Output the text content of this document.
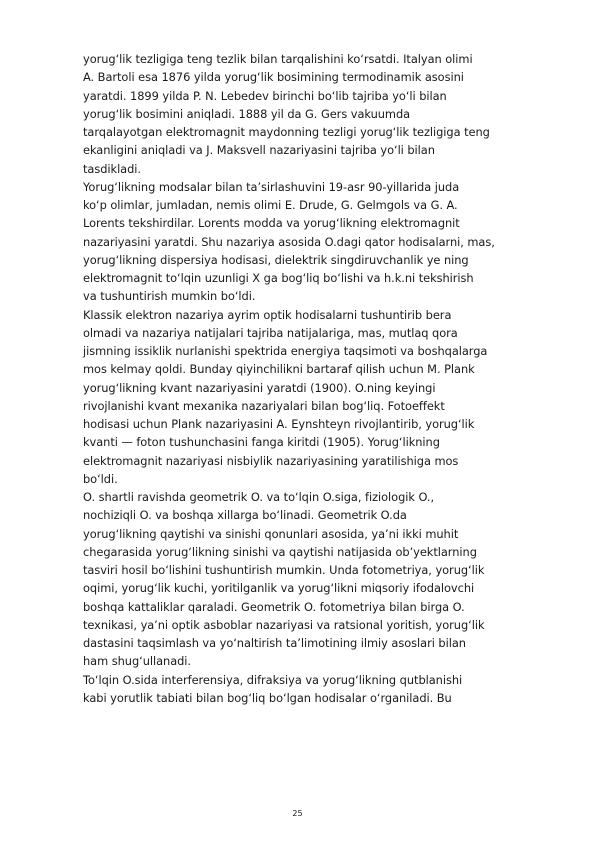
yorug‘lik tezligiga teng tezlik bilan tarqalishini ko‘rsatdi. Italyan olimi
A. Bartoli esa 1876 yilda yorug‘lik bosimining termodinamik asosini
yaratdi. 1899 yilda P. N. Lebedev birinchi bo‘lib tajriba yo‘li bilan
yorug‘lik bosimini aniqladi. 1888 yil da G. Gers vakuumda
tarqalayotgan elektromagnit maydonning tezligi yorug‘lik tezligiga teng
ekanligini aniqladi va J. Maksvell nazariyasini tajriba yo‘li bilan
tasdikladi.
Yorug‘likning modsalar bilan ta’sirlashuvini 19-asr 90-yillarida juda
ko‘p olimlar, jumladan, nemis olimi E. Drude, G. Gelmgols va G. A.
Lorents tekshirdilar. Lorents modda va yorug‘likning elektromagnit
nazariyasini yaratdi. Shu nazariya asosida O.dagi qator hodisalarni, mas,
yorug‘likning dispersiya hodisasi, dielektrik singdiruvchanlik ye ning
elektromagnit to‘lqin uzunligi X ga bog‘liq bo‘lishi va h.k.ni tekshirish
va tushuntirish mumkin bo‘ldi.
Klassik elektron nazariya ayrim optik hodisalarni tushuntirib bera
olmadi va nazariya natijalari tajriba natijalariga, mas, mutlaq qora
jismning issiklik nurlanishi spektrida energiya taqsimoti va boshqalarga
mos kelmay qoldi. Bunday qiyinchilikni bartaraf qilish uchun M. Plank
yorug‘likning kvant nazariyasini yaratdi (1900). O.ning keyingi
rivojlanishi kvant mexanika nazariyalari bilan bog‘liq. Fotoeffekt
hodisasi uchun Plank nazariyasini A. Eynshteyn rivojlantirib, yorug‘lik
kvanti — foton tushunchasini fanga kiritdi (1905). Yorug‘likning
elektromagnit nazariyasi nisbiylik nazariyasining yaratilishiga mos
bo‘ldi.
O. shartli ravishda geometrik O. va to‘lqin O.siga, fiziologik O.,
nochiziqli O. va boshqa xillarga bo‘linadi. Geometrik O.da
yorug‘likning qaytishi va sinishi qonunlari asosida, ya’ni ikki muhit
chegarasida yorug‘likning sinishi va qaytishi natijasida ob’yektlarning
tasviri hosil bo‘lishini tushuntirish mumkin. Unda fotometriya, yorug‘lik
oqimi, yorug‘lik kuchi, yoritilganlik va yorug‘likni miqsoriy ifodalovchi
boshqa kattaliklar qaraladi. Geometrik O. fotometriya bilan birga O.
texnikasi, ya’ni optik asboblar nazariyasi va ratsional yoritish, yorug‘lik
dastasini taqsimlash va yo‘naltirish ta’limotining ilmiy asoslari bilan
ham shug‘ullanadi.
To‘lqin O.sida interferensiya, difraksiya va yorug‘likning qutblanishi
kabi yorutlik tabiati bilan bog‘liq bo‘lgan hodisalar o‘rganiladi. Bu
25
